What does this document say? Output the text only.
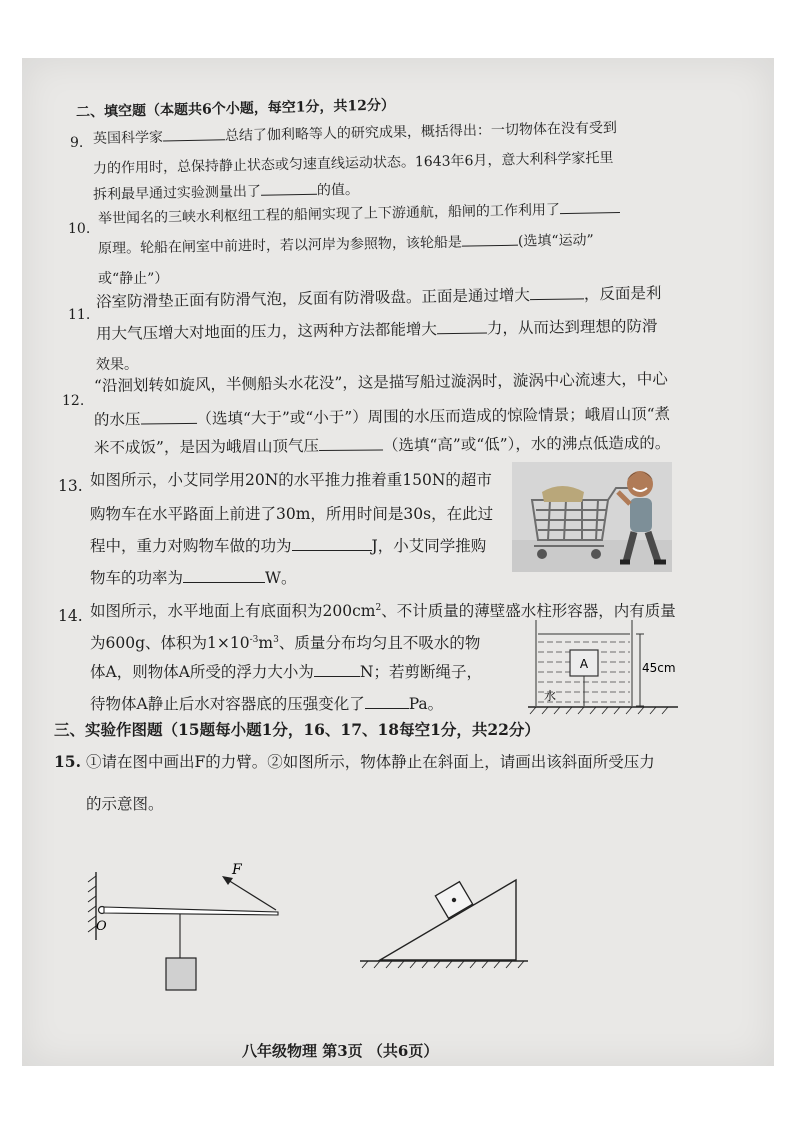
二、填空题（本题共6个小题，每空1分，共12分）
9. 英国科学家	总结了伽利略等人的研究成果，概括得出：一切物体在没有受到
力的作用时，总保持静止状态或匀速直线运动状态。1643年6月，意大利科学家托里
拆利最早通过实验测量出了	的值。
10.
举世闻名的三峡水利枢纽工程的船闸实现了上下游通航，船闸的工作利用了
原理。轮船在闸室中前进时，若以河岸为参照物，该轮船是	(选填“运动”
或“静止”）
11.
浴室防滑垫正面有防滑气泡，反面有防滑吸盘。正面是通过增大	，反面是利
用大气压增大对地面的压力，这两种方法都能增大	力，从而达到理想的防滑
效果。
12.
“沿洄划转如旋风，半侧船头水花没”，这是描写船过漩涡时，漩涡中心流速大，中心
的水压	（选填“大于”或“小于”）周围的水压而造成的惊险情景；峨眉山顶“煮
米不成饭”，是因为峨眉山顶气压	（选填“高”或“低”），水的沸点低造成的。
13. 如图所示，小艾同学用20N的水平推力推着重150N的超市
购物车在水平路面上前进了30m，所用时间是30s，在此过
程中，重力对购物车做的功为	J，小艾同学推购
物车的功率为	W。
14. 如图所示，水平地面上有底面积为$200cm^2$、不计质量的薄壁盛水柱形容器，内有质量
为600g、体积为$1\times 10^{-3}m^3$、质量分布均匀且不吸水的物
体A，则物体A所受的浮力大小为	N；若剪断绳子，
待物体A静止后水对容器底的压强变化了	Pa。
A	45cm
水
三、实验作图题（15题每小题1分，16、17、18每空1分，共22分）
15. ①请在图中画出F的力臂。②如图所示，物体静止在斜面上，请画出该斜面所受压力
的示意图。
F
O
八年级物理 第3页 （共6页）
